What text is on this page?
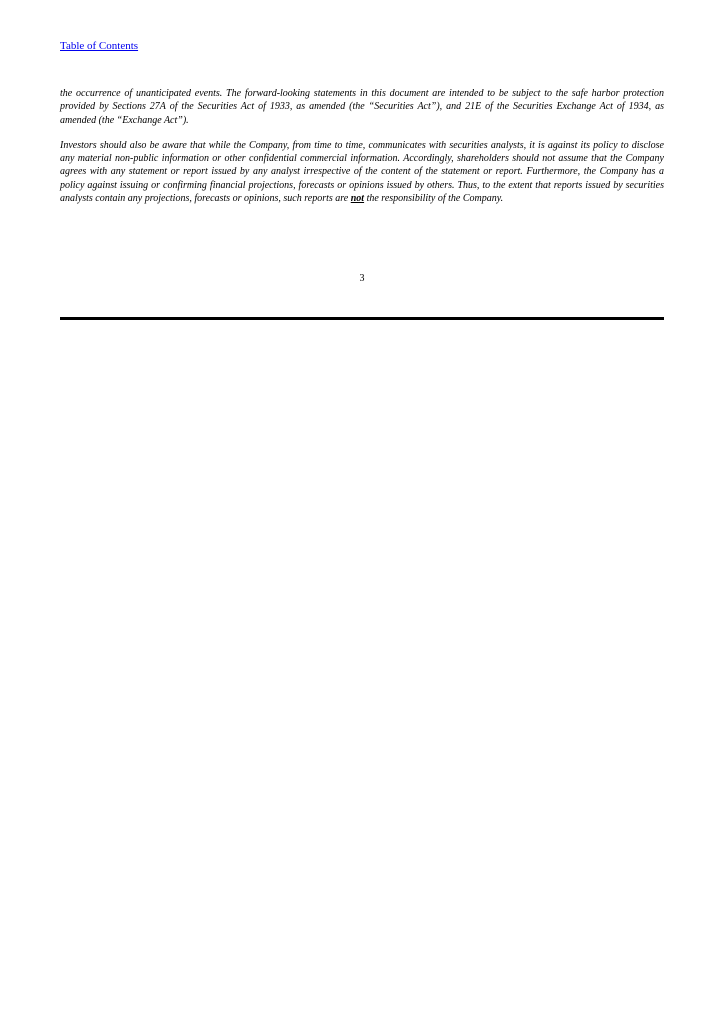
Table of Contents

the occurrence of unanticipated events. The forward-looking statements in this document are intended to be subject to the safe harbor protection provided by Sections 27A of the Securities Act of 1933, as amended (the “Securities Act”), and 21E of the Securities Exchange Act of 1934, as amended (the “Exchange Act”).

Investors should also be aware that while the Company, from time to time, communicates with securities analysts, it is against its policy to disclose any material non-public information or other confidential commercial information. Accordingly, shareholders should not assume that the Company agrees with any statement or report issued by any analyst irrespective of the content of the statement or report. Furthermore, the Company has a policy against issuing or confirming financial projections, forecasts or opinions issued by others. Thus, to the extent that reports issued by securities analysts contain any projections, forecasts or opinions, such reports are not the responsibility of the Company.

3
